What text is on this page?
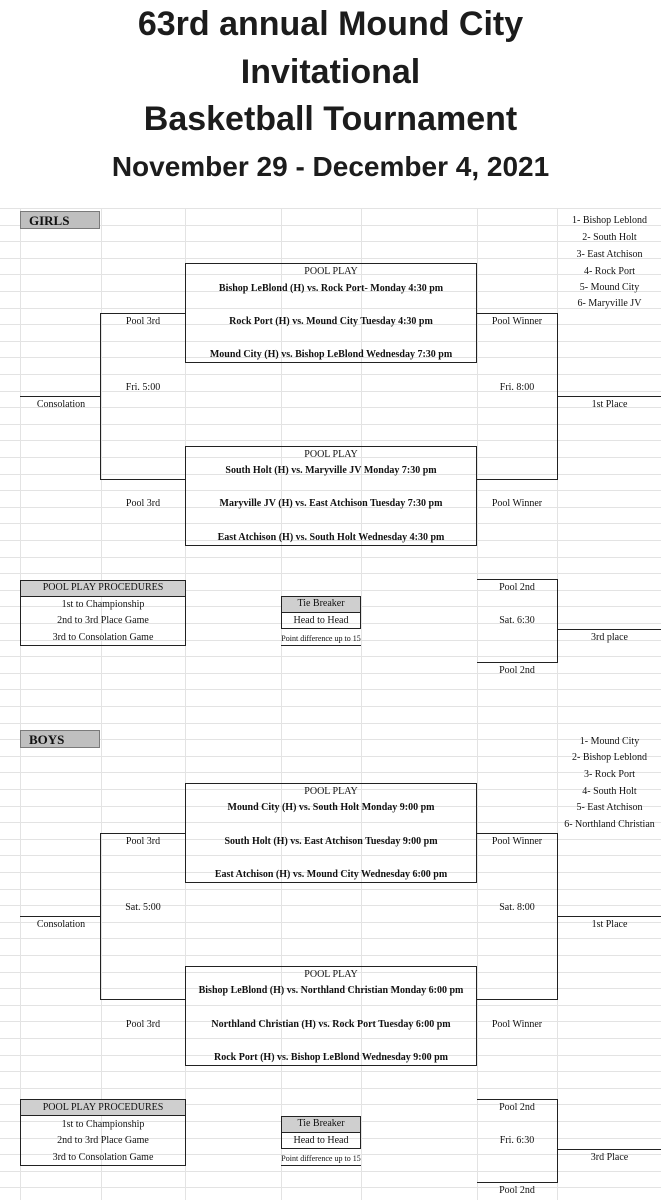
63rd annual Mound City
Invitational
Basketball Tournament
November 29 - December 4, 2021
GIRLS	1- Bishop Leblond
2- South Holt
3- East Atchison
4- Rock Port
5- Mound City
6- Maryville JV
POOL PLAY
Bishop LeBlond (H) vs. Rock Port- Monday 4:30 pm
Rock Port (H) vs. Mound City Tuesday 4:30 pm
Mound City (H) vs. Bishop LeBlond Wednesday 7:30 pm
POOL PLAY
South Holt (H) vs. Maryville JV Monday 7:30 pm
Maryville JV (H) vs. East Atchison Tuesday 7:30 pm
East Atchison (H) vs. South Holt Wednesday 4:30 pm
Pool 3rd
Fri. 5:00
Consolation
Pool 3rd
Pool Winner
Fri. 8:00
1st Place
Pool Winner
POOL PLAY PROCEDURES
1st to Championship
2nd to 3rd Place Game
3rd to Consolation Game
Tie Breaker
Head to Head
Point difference up to 15
Pool 2nd
Sat. 6:30
3rd place
Pool 2nd
BOYS	1- Mound City
2- Bishop Leblond
3- Rock Port
4- South Holt
5- East Atchison
6- Northland Christian
POOL PLAY
Mound City (H) vs. South Holt Monday 9:00 pm
South Holt (H) vs. East Atchison Tuesday 9:00 pm
East Atchison (H) vs. Mound City Wednesday 6:00 pm
POOL PLAY
Bishop LeBlond (H) vs. Northland Christian Monday 6:00 pm
Northland Christian (H) vs. Rock Port Tuesday 6:00 pm
Rock Port (H) vs. Bishop LeBlond Wednesday 9:00 pm
Pool 3rd
Sat. 5:00
Consolation
Pool 3rd
Pool Winner
Sat. 8:00
1st Place
Pool Winner
POOL PLAY PROCEDURES
1st to Championship
2nd to 3rd Place Game
3rd to Consolation Game
Tie Breaker
Head to Head
Point difference up to 15
Pool 2nd
Fri. 6:30
3rd Place
Pool 2nd
